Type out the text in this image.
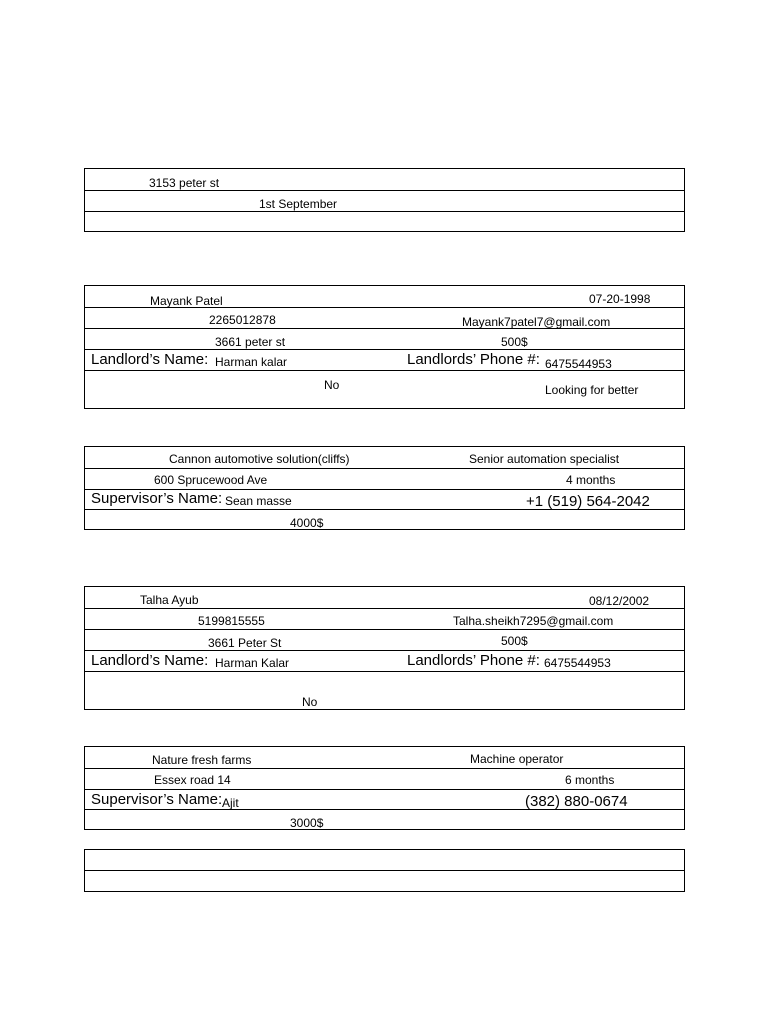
3153 peter st
1st September
Mayank Patel	07-20-1998
2265012878	Mayank7patel7@gmail.com
3661 peter st	500$
Landlord’s Name: Harman kalar	Landlords’ Phone #: 6475544953
No	Looking for better
Cannon automotive solution(cliffs)	Senior automation specialist
600 Sprucewood Ave	4 months
Supervisor’s Name: Sean masse	+1 (519) 564-2042
4000$
Talha Ayub	08/12/2002
5199815555	Talha.sheikh7295@gmail.com
3661 Peter St	500$
Landlord’s Name: Harman Kalar	Landlords’ Phone #: 6475544953
No
Nature fresh farms	Machine operator
Essex road 14	6 months
Supervisor’s Name: Ajit	(382) 880-0674
3000$
